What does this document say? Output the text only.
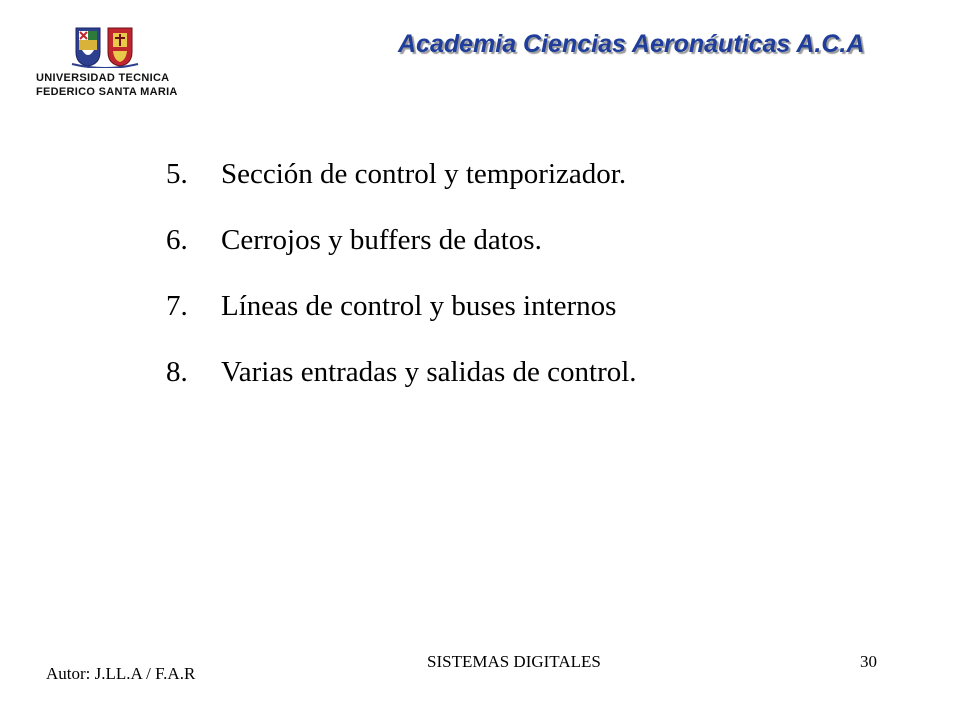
UNIVERSIDAD TECNICA
FEDERICO SANTA MARIA
Academia Ciencias Aeronáuticas A.C.A
5. Sección de control y temporizador.
6. Cerrojos y buffers de datos.
7. Líneas de control y buses internos
8. Varias entradas y salidas de control.
Autor: J.LL.A / F.A.R
SISTEMAS DIGITALES	30
